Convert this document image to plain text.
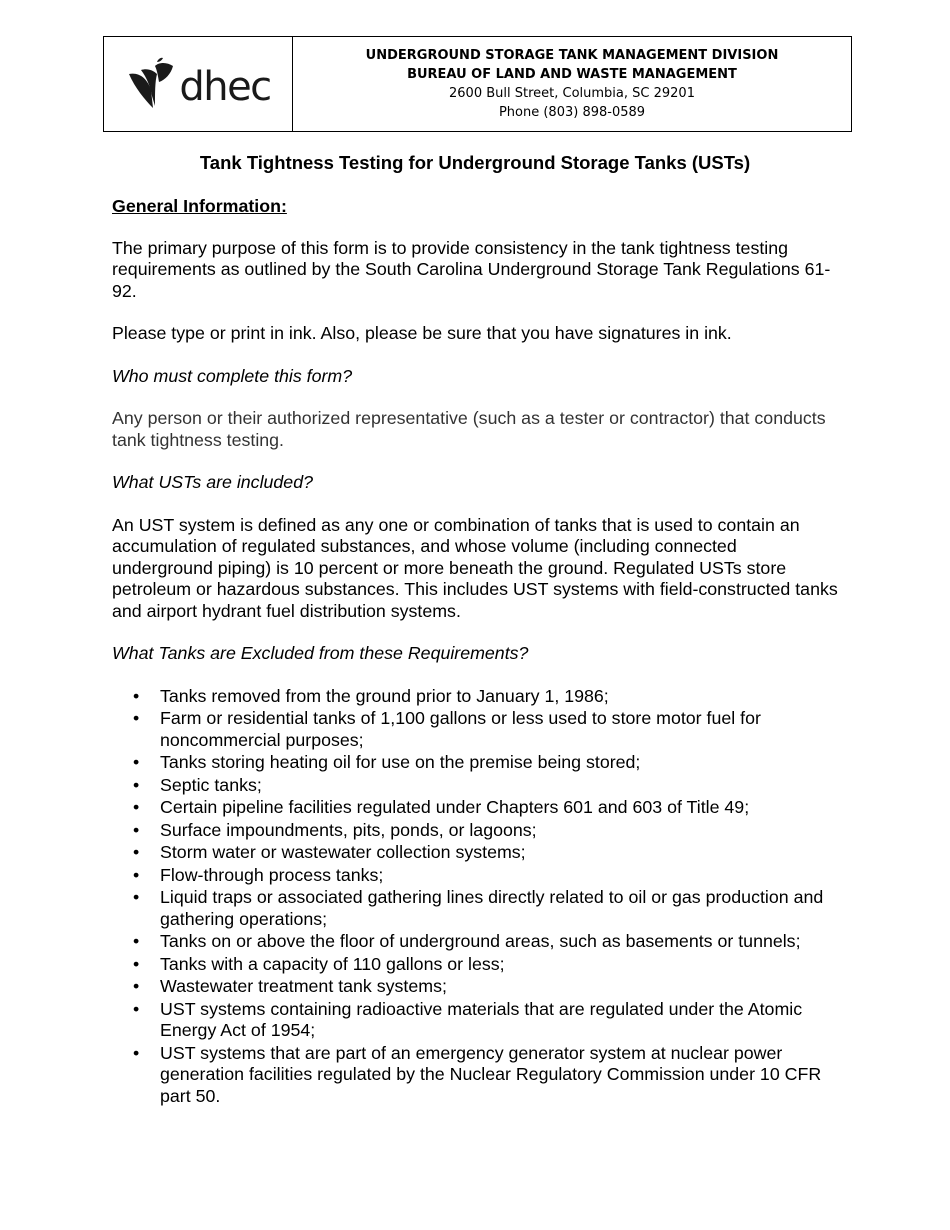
dhec
UNDERGROUND STORAGE TANK MANAGEMENT DIVISION
BUREAU OF LAND AND WASTE MANAGEMENT
2600 Bull Street, Columbia, SC 29201
Phone (803) 898-0589
Tank Tightness Testing for Underground Storage Tanks (USTs)
General Information:

The primary purpose of this form is to provide consistency in the tank tightness testing requirements as outlined by the South Carolina Underground Storage Tank Regulations 61-92.

Please type or print in ink. Also, please be sure that you have signatures in ink.

Who must complete this form?

Any person or their authorized representative (such as a tester or contractor) that conducts tank tightness testing.

What USTs are included?

An UST system is defined as any one or combination of tanks that is used to contain an accumulation of regulated substances, and whose volume (including connected underground piping) is 10 percent or more beneath the ground. Regulated USTs store petroleum or hazardous substances. This includes UST systems with field-constructed tanks and airport hydrant fuel distribution systems.

What Tanks are Excluded from these Requirements?

• Tanks removed from the ground prior to January 1, 1986;
• Farm or residential tanks of 1,100 gallons or less used to store motor fuel for noncommercial purposes;
• Tanks storing heating oil for use on the premise being stored;
• Septic tanks;
• Certain pipeline facilities regulated under Chapters 601 and 603 of Title 49;
• Surface impoundments, pits, ponds, or lagoons;
• Storm water or wastewater collection systems;
• Flow-through process tanks;
• Liquid traps or associated gathering lines directly related to oil or gas production and gathering operations;
• Tanks on or above the floor of underground areas, such as basements or tunnels;
• Tanks with a capacity of 110 gallons or less;
• Wastewater treatment tank systems;
• UST systems containing radioactive materials that are regulated under the Atomic Energy Act of 1954;
• UST systems that are part of an emergency generator system at nuclear power generation facilities regulated by the Nuclear Regulatory Commission under 10 CFR part 50.
